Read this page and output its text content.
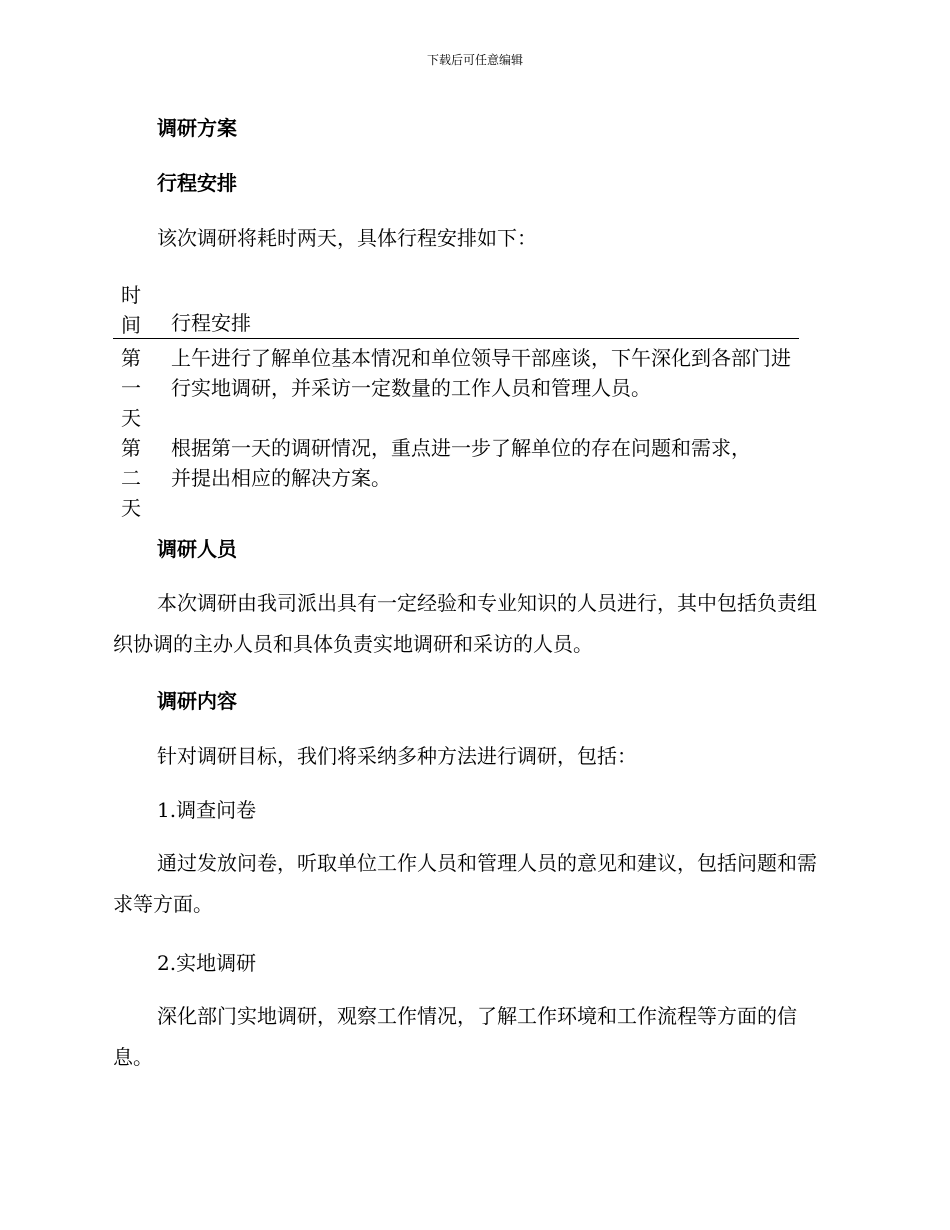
下载后可任意编辑
调研方案
行程安排
该次调研将耗时两天，具体行程安排如下：
时
间	行程安排
第
一
天
上午进行了解单位基本情况和单位领导干部座谈，下午深化到各部门进行实地调研，并采访一定数量的工作人员和管理人员。
第
二
天
根据第一天的调研情况，重点进一步了解单位的存在问题和需求，并提出相应的解决方案。
调研人员

本次调研由我司派出具有一定经验和专业知识的人员进行，其中包括负责组织协调的主办人员和具体负责实地调研和采访的人员。

调研内容
针对调研目标，我们将采纳多种方法进行调研，包括：
1.调查问卷

通过发放问卷，听取单位工作人员和管理人员的意见和建议，包括问题和需求等方面。

2.实地调研

深化部门实地调研，观察工作情况，了解工作环境和工作流程等方面的信息。
